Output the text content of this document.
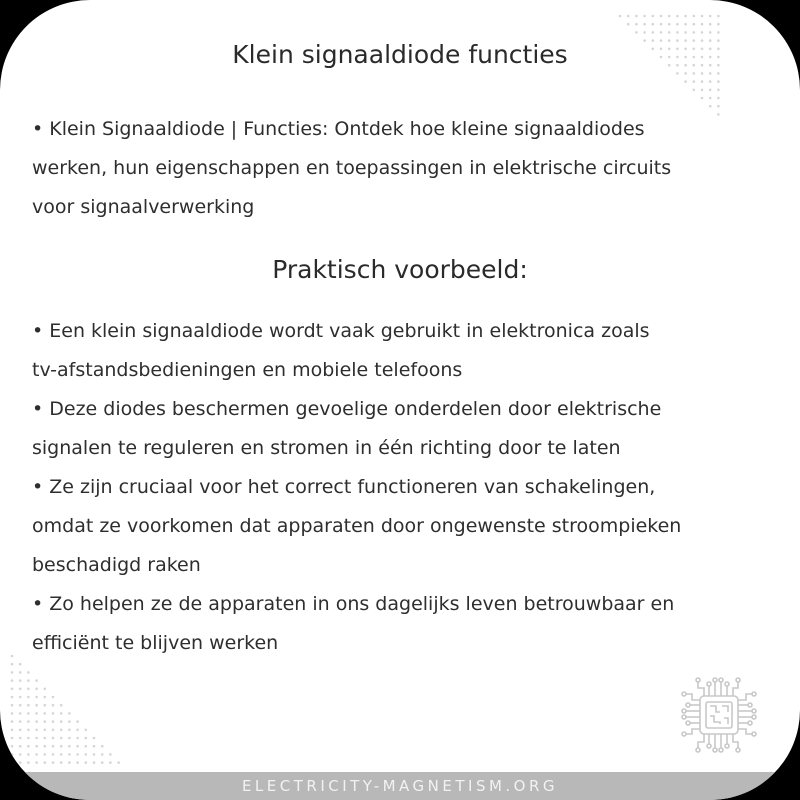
Klein signaaldiode functies
• Klein Signaaldiode | Functies: Ontdek hoe kleine signaaldiodes
werken, hun eigenschappen en toepassingen in elektrische circuits
voor signaalverwerking
Praktisch voorbeeld:
• Een klein signaaldiode wordt vaak gebruikt in elektronica zoals
tv-afstandsbedieningen en mobiele telefoons
• Deze diodes beschermen gevoelige onderdelen door elektrische
signalen te reguleren en stromen in één richting door te laten
• Ze zijn cruciaal voor het correct functioneren van schakelingen,
omdat ze voorkomen dat apparaten door ongewenste stroompieken
beschadigd raken
• Zo helpen ze de apparaten in ons dagelijks leven betrouwbaar en
efficiënt te blijven werken
ELECTRICITY-MAGNETISM.ORG
